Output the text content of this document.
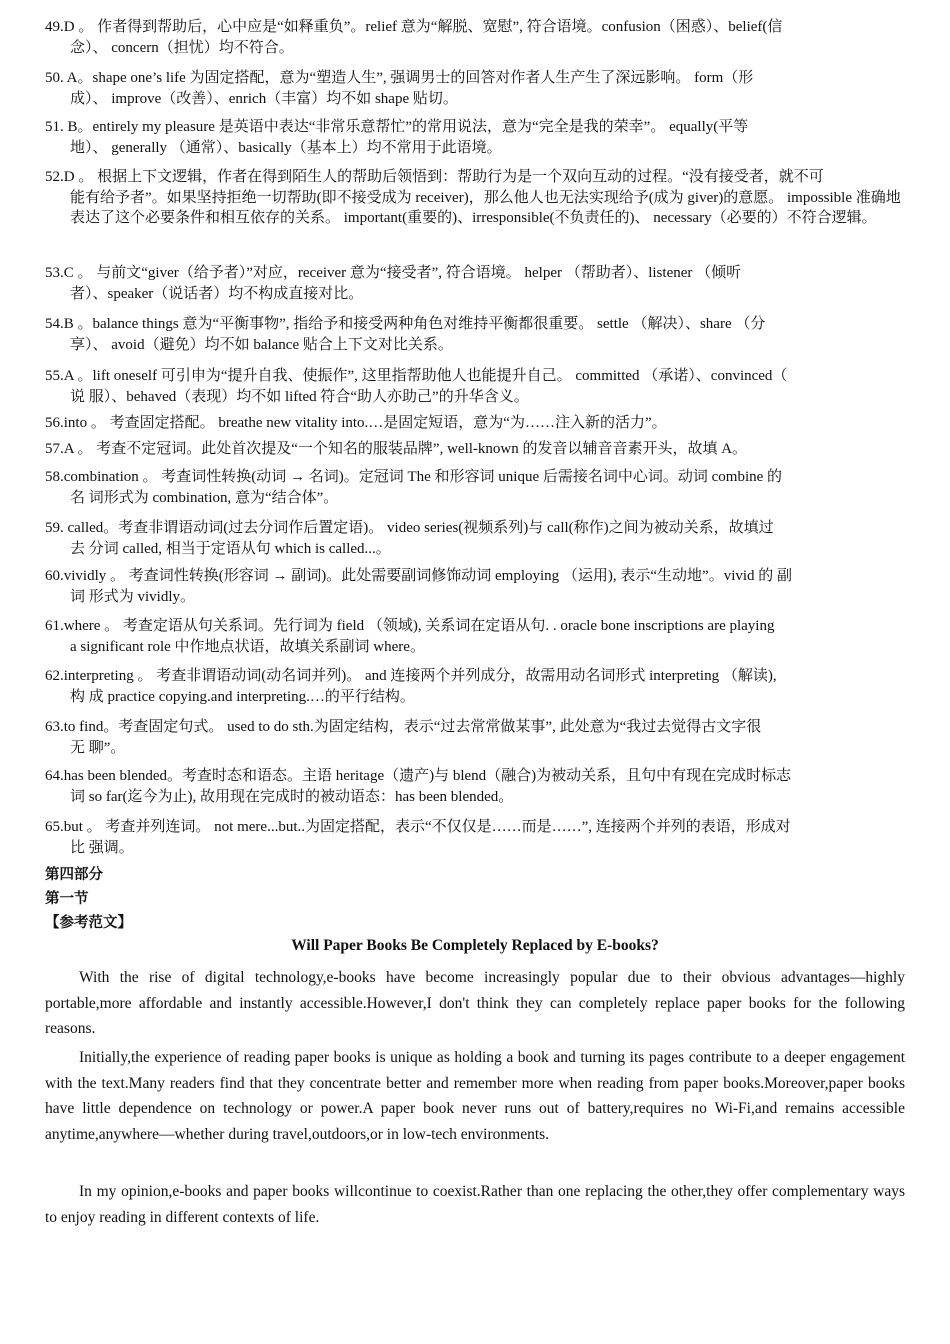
49.D 。 作者得到帮助后，心中应是“如释重负”。relief 意为“解脱、宽慰”, 符合语境。confusion（困惑）、belief(信
念）、 concern（担忧）均不符合。
50. A。shape one’s life 为固定搭配，意为“塑造人生”, 强调男士的回答对作者人生产生了深远影响。 form（形
成）、 improve（改善）、enrich（丰富）均不如 shape 贴切。
51. B。entirely my pleasure 是英语中表达“非常乐意帮忙”的常用说法，意为“完全是我的荣幸”。 equally(平等
地）、 generally （通常）、basically（基本上）均不常用于此语境。
52.D 。 根据上下文逻辑，作者在得到陌生人的帮助后领悟到：帮助行为是一个双向互动的过程。“没有接受者，就不可
能有给予者”。如果坚持拒绝一切帮助(即不接受成为 receiver)，那么他人也无法实现给予(成为 giver)的意愿。 impossible 准确地表达了这个必要条件和相互依存的关系。 important(重要的)、irresponsible(不负责任的)、 necessary（必要的）不符合逻辑。
53.C 。 与前文“giver（给予者）”对应，receiver 意为“接受者”, 符合语境。 helper （帮助者）、listener （倾听
者）、speaker（说话者）均不构成直接对比。
54.B 。balance things 意为“平衡事物”, 指给予和接受两种角色对维持平衡都很重要。 settle （解决）、share （分
享）、 avoid（避免）均不如 balance 贴合上下文对比关系。
55.A 。lift oneself 可引申为“提升自我、使振作”, 这里指帮助他人也能提升自己。 committed （承诺）、convinced（
说 服）、behaved（表现）均不如 lifted 符合“助人亦助己”的升华含义。
56.into 。 考查固定搭配。 breathe new vitality into.…是固定短语，意为“为……注入新的活力”。
57.A 。 考查不定冠词。此处首次提及“一个知名的服装品牌”, well-known 的发音以辅音音素开头，故填 A。
58.combination 。 考查词性转换(动词 → 名词)。定冠词 The 和形容词 unique 后需接名词中心词。动词 combine 的
名 词形式为 combination, 意为“结合体”。
59. called。考查非谓语动词(过去分词作后置定语)。 video series(视频系列)与 call(称作)之间为被动关系，故填过
去 分词 called, 相当于定语从句 which is called...。
60.vividly 。 考查词性转换(形容词 → 副词)。此处需要副词修饰动词 employing （运用), 表示“生动地”。vivid 的 副
词 形式为 vividly。
61.where 。 考查定语从句关系词。先行词为 field （领域), 关系词在定语从句. . oracle bone inscriptions are playing
a significant role 中作地点状语，故填关系副词 where。
62.interpreting 。 考查非谓语动词(动名词并列)。 and 连接两个并列成分，故需用动名词形式 interpreting （解读),
构 成 practice copying.and interpreting.…的平行结构。
63.to find。考查固定句式。 used to do sth.为固定结构，表示“过去常常做某事”, 此处意为“我过去觉得古文字很
无 聊”。
64.has been blended。考查时态和语态。主语 heritage（遗产)与 blend（融合)为被动关系，且句中有现在完成时标志
词 so far(迄今为止), 故用现在完成时的被动语态：has been blended。
65.but 。 考查并列连词。 not mere...but..为固定搭配，表示“不仅仅是……而是……”, 连接两个并列的表语，形成对
比 强调。
第四部分
第一节
【参考范文】
Will Paper Books Be Completely Replaced by E-books?
With the rise of digital technology,e-books have become increasingly popular due to their obvious advantages—highly portable,more affordable and instantly accessible.However,I don't think they can completely replace paper books for the following reasons.
Initially,the experience of reading paper books is unique as holding a book and turning its pages contribute to a deeper engagement with the text.Many readers find that they concentrate better and remember more when reading from paper books.Moreover,paper books have little dependence on technology or power.A paper book never runs out of battery,requires no Wi-Fi,and remains accessible anytime,anywhere—whether during travel,outdoors,or in low-tech environments.
In my opinion,e-books and paper books willcontinue to coexist.Rather than one replacing the other,they offer complementary ways to enjoy reading in different contexts of life.
